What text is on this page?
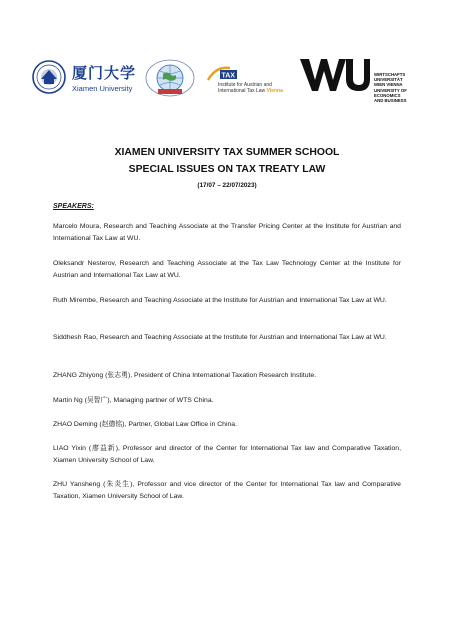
厦门大学
Xiamen University
TAX
Institute for Austrian and
International Tax Law Vienna
WIRTSCHAFTS
UNIVERSITÄT
WIEN VIENNA
UNIVERSITY OF
ECONOMICS
AND BUSINESS
XIAMEN UNIVERSITY TAX SUMMER SCHOOL
SPECIAL ISSUES ON TAX TREATY LAW
(17/07 – 22/07/2023)
SPEAKERS:

Marcelo Moura, Research and Teaching Associate at the Transfer Pricing Center at the Institute for Austrian and International Tax Law at WU.

Oleksandr Nesterov, Research and Teaching Associate at the Tax Law Technology Center at the Institute for Austrian and International Tax Law at WU.

Ruth Mirembe, Research and Teaching Associate at the Institute for Austrian and International Tax Law at WU.

Siddhesh Rao, Research and Teaching Associate at the Institute for Austrian and International Tax Law at WU.

ZHANG Zhiyong (张志勇), President of China International Taxation Research Institute.

Martin Ng (吴智广), Managing partner of WTS China.

ZHAO Deming (赵德铭), Partner, Global Law Office in China.

LIAO Yixin (廖益新), Professor and director of the Center for International Tax law and Comparative Taxation, Xiamen University School of Law.

ZHU Yansheng (朱炎生), Professor and vice director of the Center for International Tax law and Comparative Taxation, Xiamen University School of Law.
